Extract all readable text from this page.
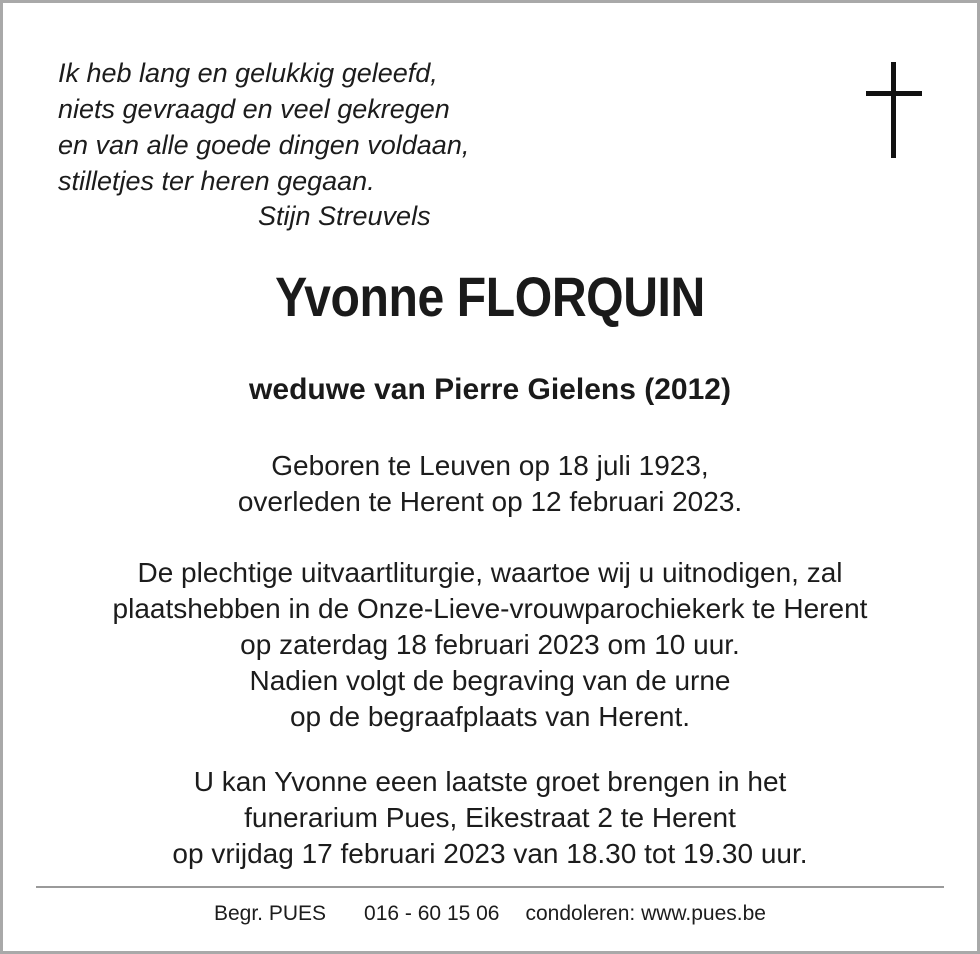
Ik heb lang en gelukkig geleefd,
niets gevraagd en veel gekregen
en van alle goede dingen voldaan,
stilletjes ter heren gegaan.
Stijn Streuvels
Yvonne FLORQUIN
weduwe van Pierre Gielens (2012)
Geboren te Leuven op 18 juli 1923,
overleden te Herent op 12 februari 2023.
De plechtige uitvaartliturgie, waartoe wij u uitnodigen, zal
plaatshebben in de Onze-Lieve-vrouwparochiekerk te Herent
op zaterdag 18 februari 2023 om 10 uur.
Nadien volgt de begraving van de urne
op de begraafplaats van Herent.
U kan Yvonne eeen laatste groet brengen in het
funerarium Pues, Eikestraat 2 te Herent
op vrijdag 17 februari 2023 van 18.30 tot 19.30 uur.
Begr. PUES 016 - 60 15 06 condoleren: www.pues.be
